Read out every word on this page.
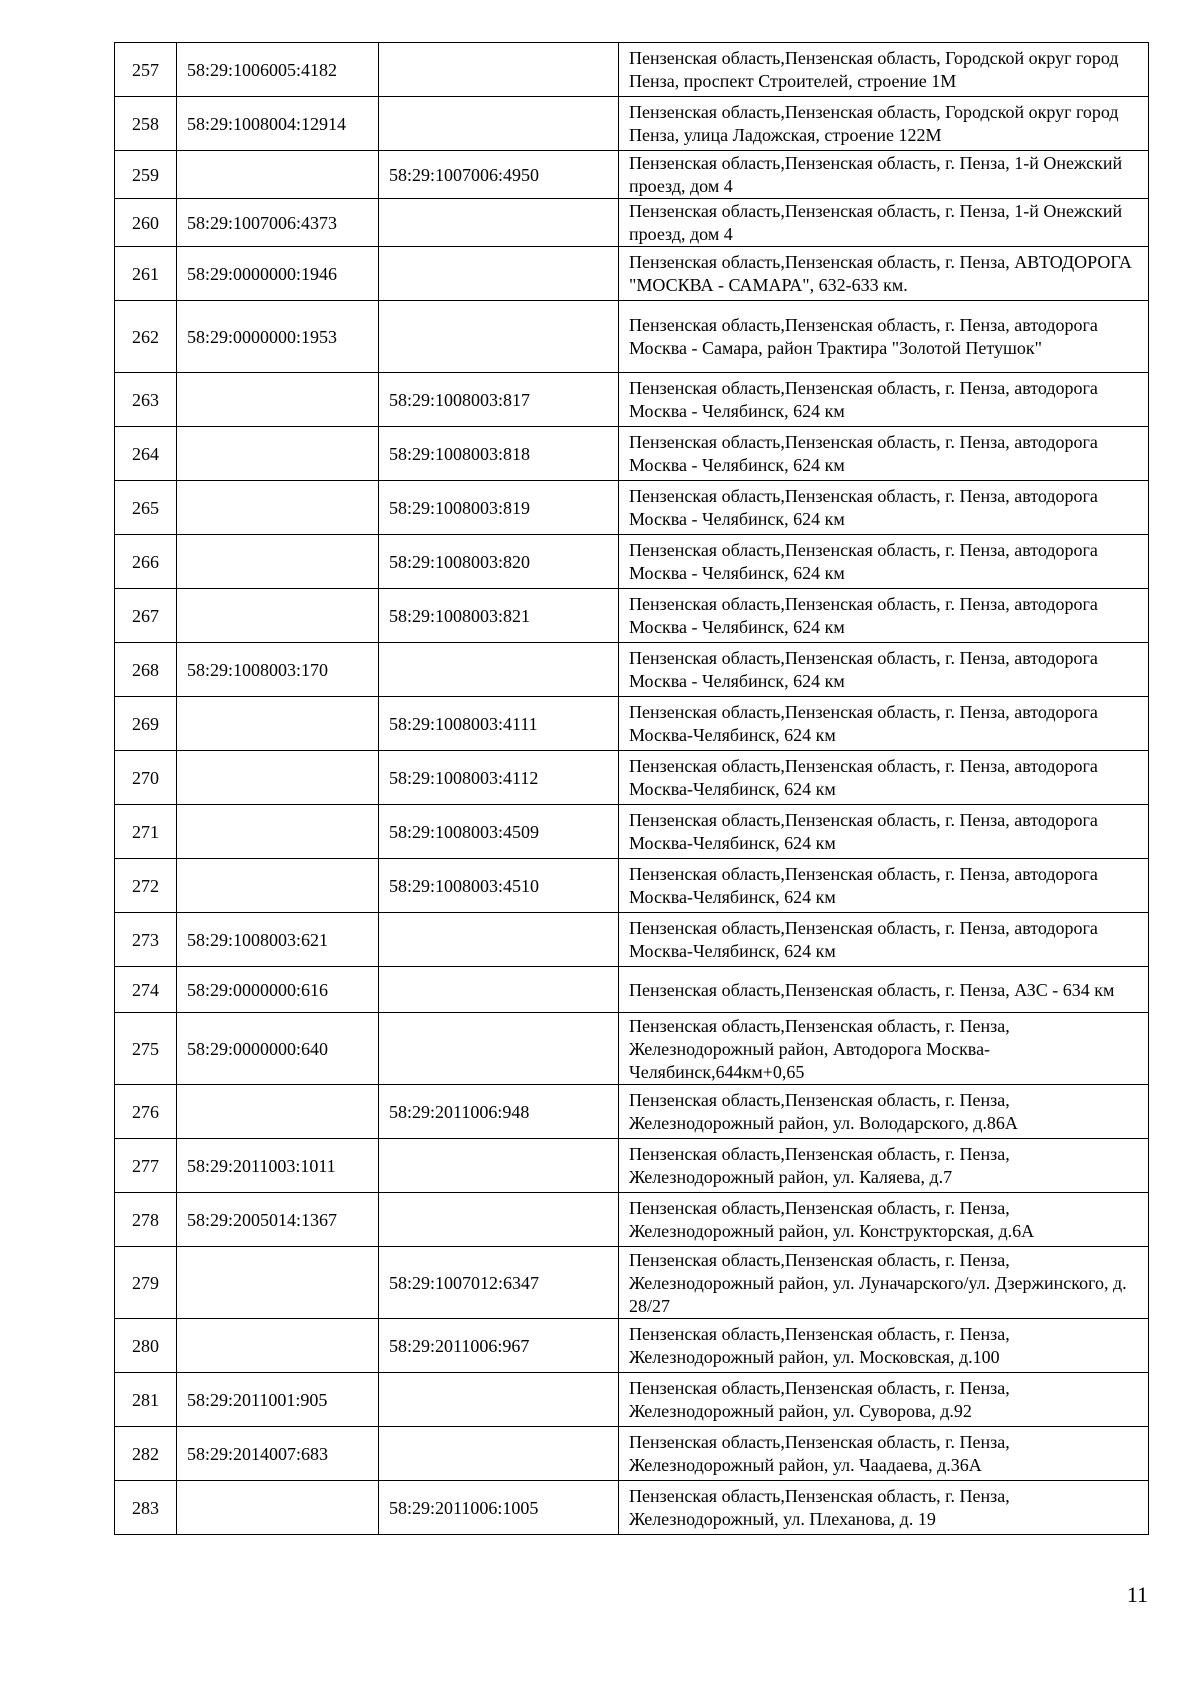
257	58:29:1006005:4182		Пензенская область,Пензенская область, Городской округ город Пенза, проспект Строителей, строение 1М
258	58:29:1008004:12914		Пензенская область,Пензенская область, Городской округ город Пенза, улица Ладожская, строение 122М
259		58:29:1007006:4950	Пензенская область,Пензенская область, г. Пенза, 1-й Онежский проезд, дом 4
260	58:29:1007006:4373		Пензенская область,Пензенская область, г. Пенза, 1-й Онежский проезд, дом 4
261	58:29:0000000:1946		Пензенская область,Пензенская область, г. Пенза, АВТОДОРОГА "МОСКВА - САМАРА", 632-633 км.
262	58:29:0000000:1953		Пензенская область,Пензенская область, г. Пенза, автодорога Москва - Самара, район Трактира "Золотой Петушок"
263		58:29:1008003:817	Пензенская область,Пензенская область, г. Пенза, автодорога Москва - Челябинск, 624 км
264		58:29:1008003:818	Пензенская область,Пензенская область, г. Пенза, автодорога Москва - Челябинск, 624 км
265		58:29:1008003:819	Пензенская область,Пензенская область, г. Пенза, автодорога Москва - Челябинск, 624 км
266		58:29:1008003:820	Пензенская область,Пензенская область, г. Пенза, автодорога Москва - Челябинск, 624 км
267		58:29:1008003:821	Пензенская область,Пензенская область, г. Пенза, автодорога Москва - Челябинск, 624 км
268	58:29:1008003:170		Пензенская область,Пензенская область, г. Пенза, автодорога Москва - Челябинск, 624 км
269		58:29:1008003:4111	Пензенская область,Пензенская область, г. Пенза, автодорога Москва-Челябинск, 624 км
270		58:29:1008003:4112	Пензенская область,Пензенская область, г. Пенза, автодорога Москва-Челябинск, 624 км
271		58:29:1008003:4509	Пензенская область,Пензенская область, г. Пенза, автодорога Москва-Челябинск, 624 км
272		58:29:1008003:4510	Пензенская область,Пензенская область, г. Пенза, автодорога Москва-Челябинск, 624 км
273	58:29:1008003:621		Пензенская область,Пензенская область, г. Пенза, автодорога Москва-Челябинск, 624 км
274	58:29:0000000:616		Пензенская область,Пензенская область, г. Пенза, АЗС - 634 км
275	58:29:0000000:640		Пензенская область,Пензенская область, г. Пенза, Железнодорожный район, Автодорога Москва-Челябинск,644км+0,65
276		58:29:2011006:948	Пензенская область,Пензенская область, г. Пенза, Железнодорожный район, ул. Володарского, д.86А
277	58:29:2011003:1011		Пензенская область,Пензенская область, г. Пенза, Железнодорожный район, ул. Каляева, д.7
278	58:29:2005014:1367		Пензенская область,Пензенская область, г. Пенза, Железнодорожный район, ул. Конструкторская, д.6А
279		58:29:1007012:6347	Пензенская область,Пензенская область, г. Пенза, Железнодорожный район, ул. Луначарского/ул. Дзержинского, д. 28/27
280		58:29:2011006:967	Пензенская область,Пензенская область, г. Пенза, Железнодорожный район, ул. Московская, д.100
281	58:29:2011001:905		Пензенская область,Пензенская область, г. Пенза, Железнодорожный район, ул. Суворова, д.92
282	58:29:2014007:683		Пензенская область,Пензенская область, г. Пенза, Железнодорожный район, ул. Чаадаева, д.36А
283		58:29:2011006:1005	Пензенская область,Пензенская область, г. Пенза, Железнодорожный, ул. Плеханова, д. 19
11
